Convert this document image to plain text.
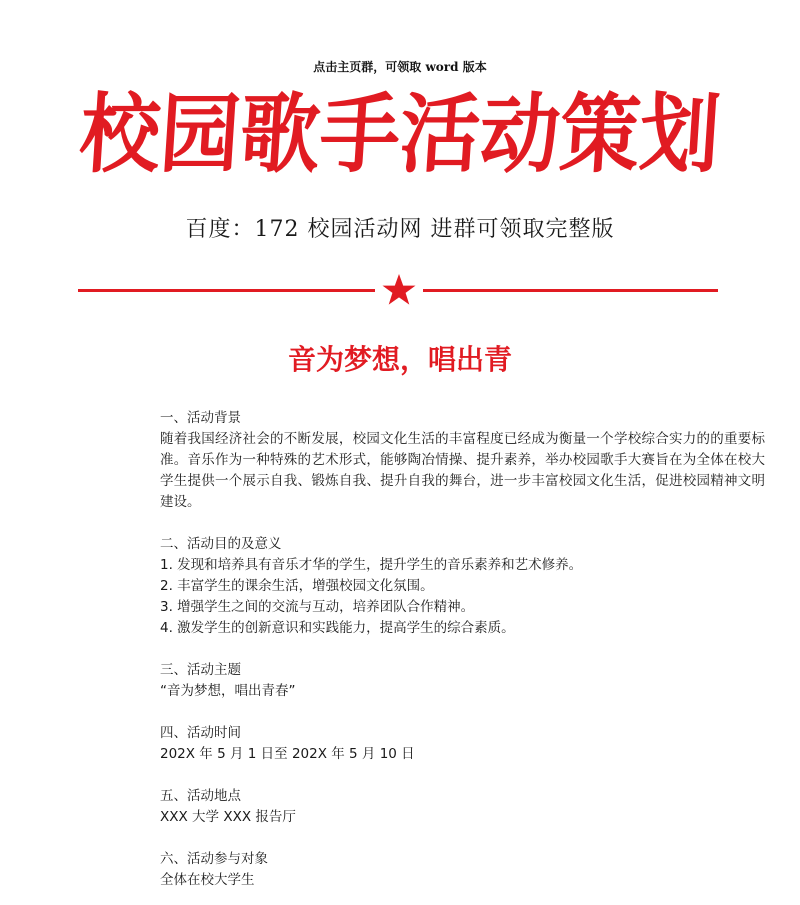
点击主页群，可领取 word 版本
校园歌手活动策划
百度：172 校园活动网 进群可领取完整版
音为梦想，唱出青
一、活动背景
随着我国经济社会的不断发展，校园文化生活的丰富程度已经成为衡量一个学校综合实力的的重要标准。音乐作为一种特殊的艺术形式，能够陶冶情操、提升素养，举办校园歌手大赛旨在为全体在校大学生提供一个展示自我、锻炼自我、提升自我的舞台，进一步丰富校园文化生活，促进校园精神文明建设。
二、活动目的及意义
1. 发现和培养具有音乐才华的学生，提升学生的音乐素养和艺术修养。
2. 丰富学生的课余生活，增强校园文化氛围。
3. 增强学生之间的交流与互动，培养团队合作精神。
4. 激发学生的创新意识和实践能力，提高学生的综合素质。
三、活动主题
“音为梦想，唱出青春”
四、活动时间
202X 年 5 月 1 日至 202X 年 5 月 10 日
五、活动地点
XXX 大学 XXX 报告厅
六、活动参与对象
全体在校大学生
